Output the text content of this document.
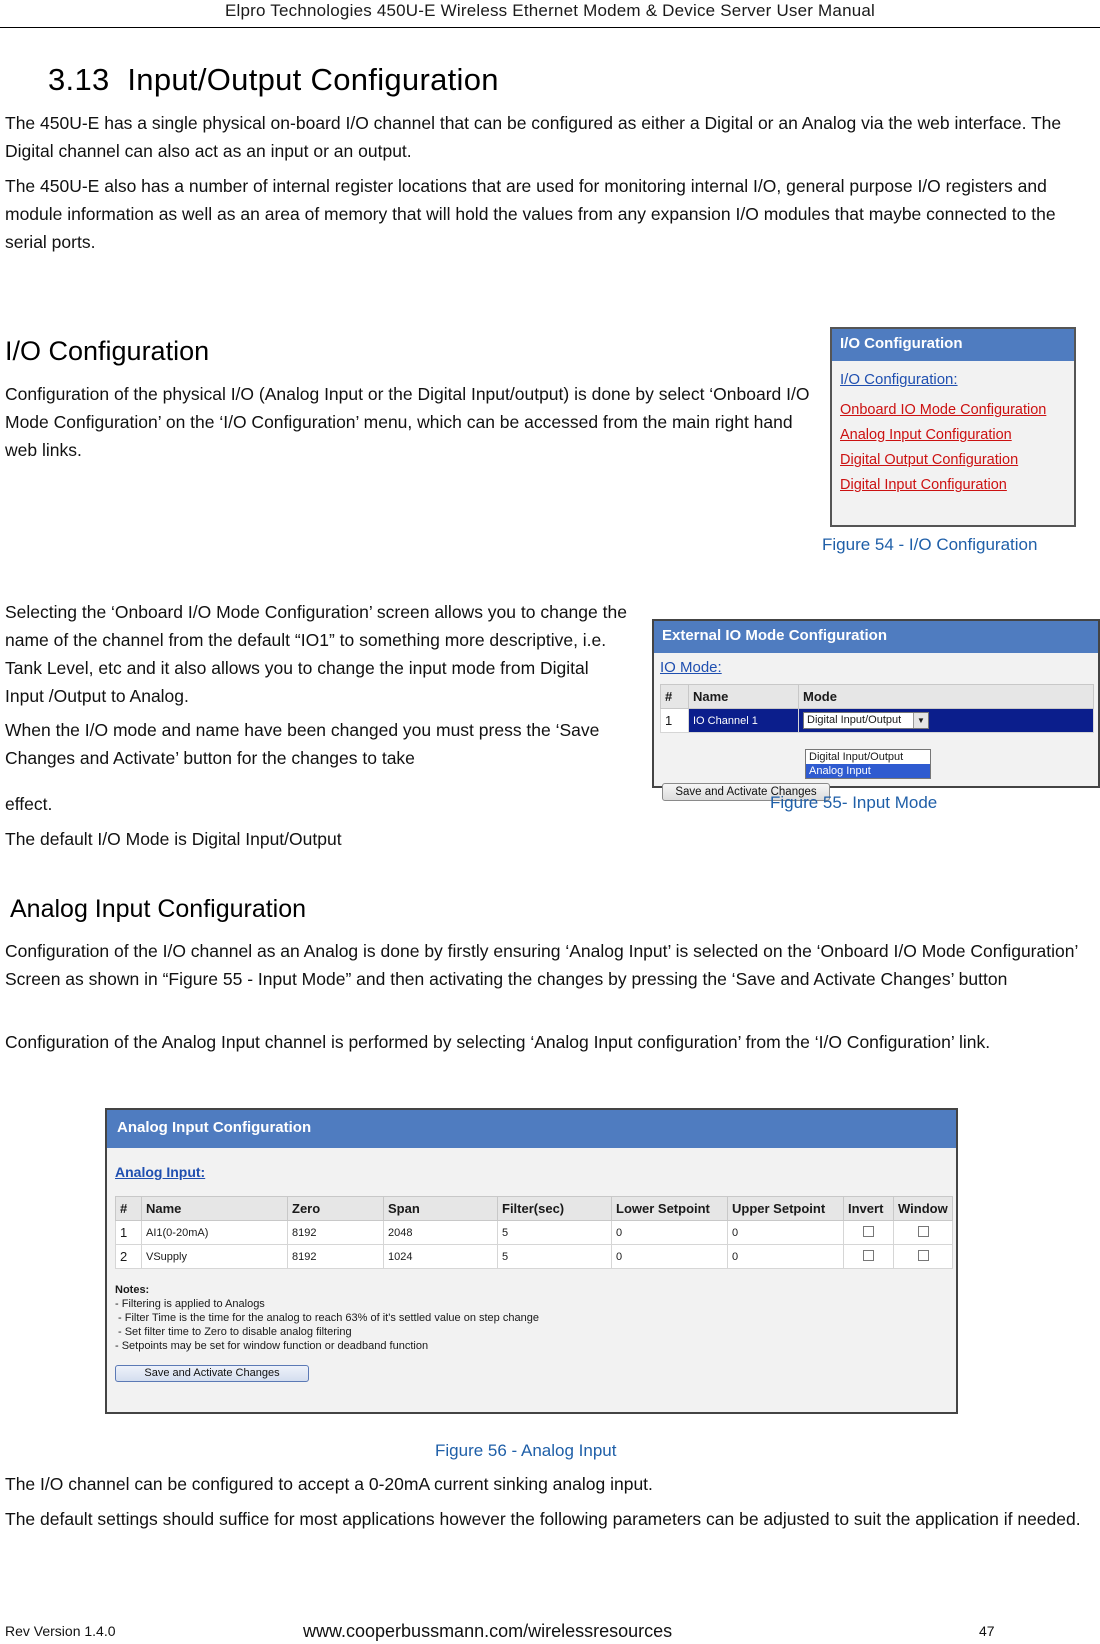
Elpro Technologies 450U-E Wireless Ethernet Modem & Device Server User Manual
3.13 Input/Output Configuration

The 450U-E has a single physical on-board I/O channel that can be configured as either a Digital or an Analog via the web interface. The Digital channel can also act as an input or an output.

The 450U-E also has a number of internal register locations that are used for monitoring internal I/O, general purpose I/O registers and module information as well as an area of memory that will hold the values from any expansion I/O modules that maybe connected to the serial ports.

I/O Configuration

Configuration of the physical I/O (Analog Input or the Digital Input/output) is done by select ‘Onboard I/O Mode Configuration’ on the ‘I/O Configuration’ menu, which can be accessed from the main right hand web links.

I/O Configuration
I/O Configuration:
Onboard IO Mode Configuration
Analog Input Configuration
Digital Output Configuration
Digital Input Configuration
Figure 54 - I/O Configuration

Selecting the ‘Onboard I/O Mode Configuration’ screen allows you to change the name of the channel from the default “IO1” to something more descriptive, i.e. Tank Level, etc and it also allows you to change the input mode from Digital Input /Output to Analog.

When the I/O mode and name have been changed you must press the ‘Save Changes and Activate’ button for the changes to take

effect.

The default I/O Mode is Digital Input/Output

External IO Mode Configuration
IO Mode:
#	Name	Mode
1	IO Channel 1	Digital Input/Output ▼
Digital Input/Output
Analog Input
Save and Activate Changes
Figure 55- Input Mode
Analog Input Configuration

Configuration of the I/O channel as an Analog is done by firstly ensuring ‘Analog Input’ is selected on the ‘Onboard I/O Mode Configuration’ Screen as shown in “Figure 55 - Input Mode” and then activating the changes by pressing the ‘Save and Activate Changes’ button

Configuration of the Analog Input channel is performed by selecting ‘Analog Input configuration’ from the ‘I/O Configuration’ link.

Analog Input Configuration
Analog Input:
#	Name	Zero	Span	Filter(sec)	Lower Setpoint	Upper Setpoint	Invert	Window
1	AI1(0-20mA)	8192	2048	5	0	0		
2	VSupply	8192	1024	5	0	0		
Notes:
- Filtering is applied to Analogs
- Filter Time is the time for the analog to reach 63% of it's settled value on step change
- Set filter time to Zero to disable analog filtering
- Setpoints may be set for window function or deadband function
Save and Activate Changes
Figure 56 - Analog Input

The I/O channel can be configured to accept a 0-20mA current sinking analog input.

The default settings should suffice for most applications however the following parameters can be adjusted to suit the application if needed.

Rev Version 1.4.0	www.cooperbussmann.com/wirelessresources	47
